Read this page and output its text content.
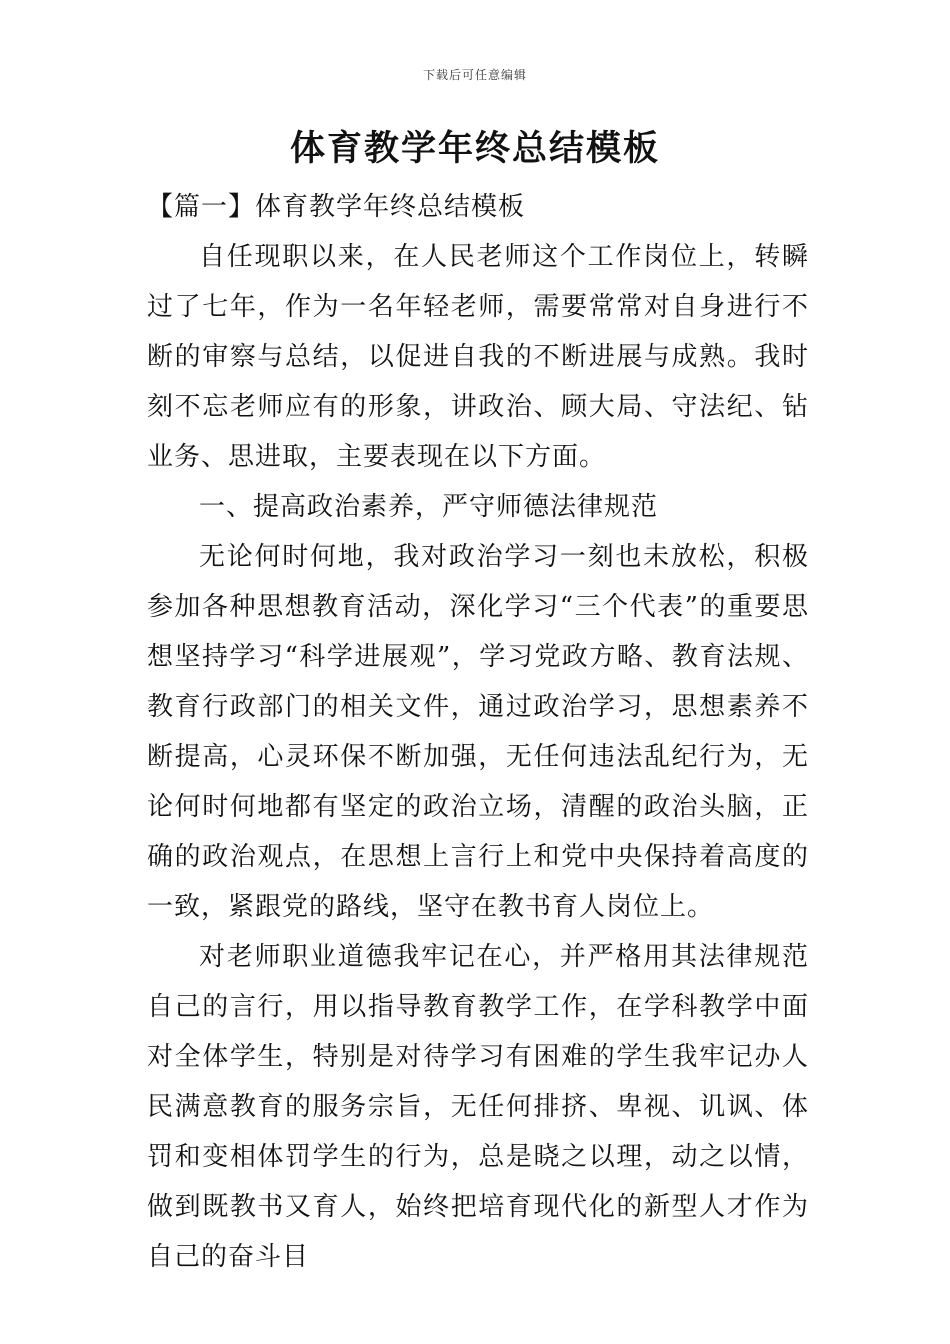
下载后可任意编辑
体育教学年终总结模板

【篇一】体育教学年终总结模板

自任现职以来，在人民老师这个工作岗位上，转瞬过了七年，作为一名年轻老师，需要常常对自身进行不断的审察与总结，以促进自我的不断进展与成熟。我时刻不忘老师应有的形象，讲政治、顾大局、守法纪、钻业务、思进取，主要表现在以下方面。

一、提高政治素养，严守师德法律规范

无论何时何地，我对政治学习一刻也未放松，积极参加各种思想教育活动，深化学习“三个代表”的重要思想坚持学习“科学进展观”，学习党政方略、教育法规、教育行政部门的相关文件，通过政治学习，思想素养不断提高，心灵环保不断加强，无任何违法乱纪行为，无论何时何地都有坚定的政治立场，清醒的政治头脑，正确的政治观点，在思想上言行上和党中央保持着高度的一致，紧跟党的路线，坚守在教书育人岗位上。

对老师职业道德我牢记在心，并严格用其法律规范自己的言行，用以指导教育教学工作，在学科教学中面对全体学生，特别是对待学习有困难的学生我牢记办人民满意教育的服务宗旨，无任何排挤、卑视、讥讽、体罚和变相体罚学生的行为，总是晓之以理，动之以情，做到既教书又育人，始终把培育现代化的新型人才作为自己的奋斗目
